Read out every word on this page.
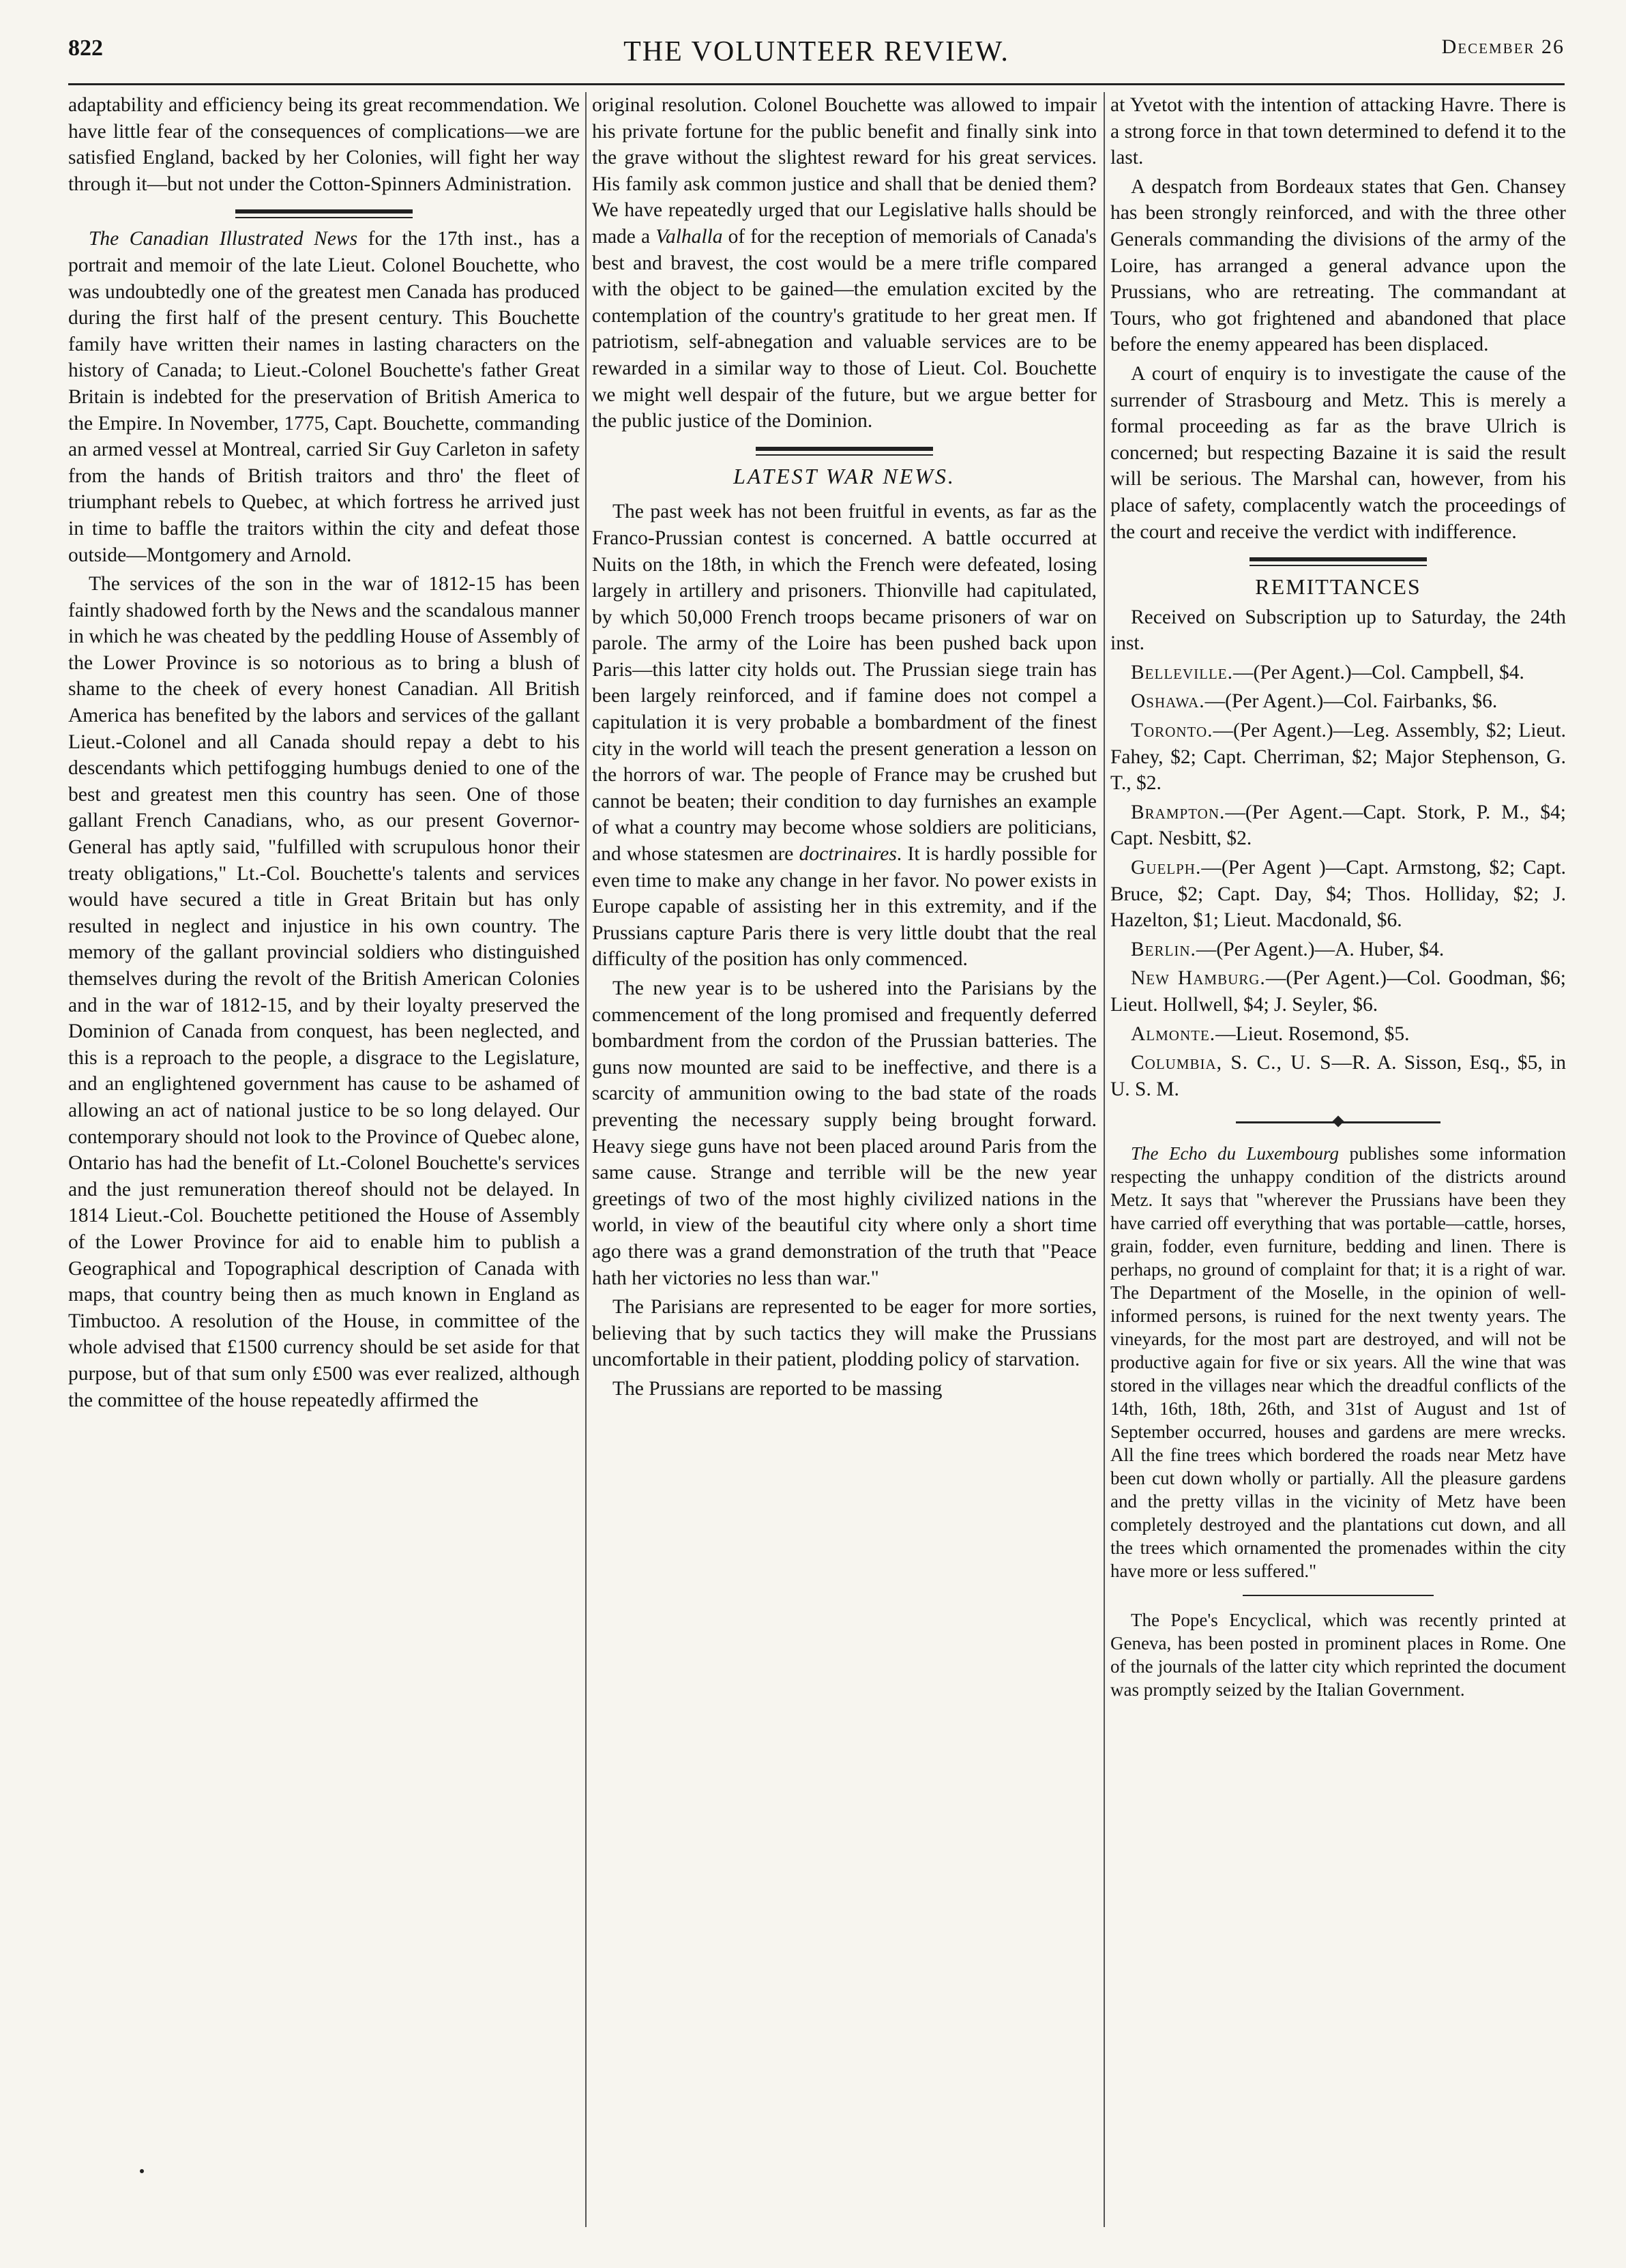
822	THE VOLUNTEER REVIEW.	December 26

adaptability and efficiency being its great recommendation. We have little fear of the consequences of complications—we are satisfied England, backed by her Colonies, will fight her way through it—but not under the Cotton-Spinners Administration.

The Canadian Illustrated News for the 17th inst., has a portrait and memoir of the late Lieut. Colonel Bouchette, who was undoubtedly one of the greatest men Canada has produced during the first half of the present century. This Bouchette family have written their names in lasting characters on the history of Canada; to Lieut.-Colonel Bouchette's father Great Britain is indebted for the preservation of British America to the Empire. In November, 1775, Capt. Bouchette, commanding an armed vessel at Montreal, carried Sir Guy Carleton in safety from the hands of British traitors and thro' the fleet of triumphant rebels to Quebec, at which fortress he arrived just in time to baffle the traitors within the city and defeat those outside—Montgomery and Arnold.

The services of the son in the war of 1812-15 has been faintly shadowed forth by the News and the scandalous manner in which he was cheated by the peddling House of Assembly of the Lower Province is so notorious as to bring a blush of shame to the cheek of every honest Canadian. All British America has benefited by the labors and services of the gallant Lieut.-Colonel and all Canada should repay a debt to his descendants which pettifogging humbugs denied to one of the best and greatest men this country has seen. One of those gallant French Canadians, who, as our present Governor-General has aptly said, "fulfilled with scrupulous honor their treaty obligations," Lt.-Col. Bouchette's talents and services would have secured a title in Great Britain but has only resulted in neglect and injustice in his own country. The memory of the gallant provincial soldiers who distinguished themselves during the revolt of the British American Colonies and in the war of 1812-15, and by their loyalty preserved the Dominion of Canada from conquest, has been neglected, and this is a reproach to the people, a disgrace to the Legislature, and an englightened government has cause to be ashamed of allowing an act of national justice to be so long delayed. Our contemporary should not look to the Province of Quebec alone, Ontario has had the benefit of Lt.-Colonel Bouchette's services and the just remuneration thereof should not be delayed. In 1814 Lieut.-Col. Bouchette petitioned the House of Assembly of the Lower Province for aid to enable him to publish a Geographical and Topographical description of Canada with maps, that country being then as much known in England as Timbuctoo. A resolution of the House, in committee of the whole advised that £1500 currency should be set aside for that purpose, but of that sum only £500 was ever realized, although the committee of the house repeatedly affirmed the

original resolution. Colonel Bouchette was allowed to impair his private fortune for the public benefit and finally sink into the grave without the slightest reward for his great services. His family ask common justice and shall that be denied them? We have repeatedly urged that our Legislative halls should be made a Valhalla of for the reception of memorials of Canada's best and bravest, the cost would be a mere trifle compared with the object to be gained—the emulation excited by the contemplation of the country's gratitude to her great men. If patriotism, self-abnegation and valuable services are to be rewarded in a similar way to those of Lieut. Col. Bouchette we might well despair of the future, but we argue better for the public justice of the Dominion.

LATEST WAR NEWS.

The past week has not been fruitful in events, as far as the Franco-Prussian contest is concerned. A battle occurred at Nuits on the 18th, in which the French were defeated, losing largely in artillery and prisoners. Thionville had capitulated, by which 50,000 French troops became prisoners of war on parole. The army of the Loire has been pushed back upon Paris—this latter city holds out. The Prussian siege train has been largely reinforced, and if famine does not compel a capitulation it is very probable a bombardment of the finest city in the world will teach the present generation a lesson on the horrors of war. The people of France may be crushed but cannot be beaten; their condition to day furnishes an example of what a country may become whose soldiers are politicians, and whose statesmen are doctrinaires. It is hardly possible for even time to make any change in her favor. No power exists in Europe capable of assisting her in this extremity, and if the Prussians capture Paris there is very little doubt that the real difficulty of the position has only commenced.

The new year is to be ushered into the Parisians by the commencement of the long promised and frequently deferred bombardment from the cordon of the Prussian batteries. The guns now mounted are said to be ineffective, and there is a scarcity of ammunition owing to the bad state of the roads preventing the necessary supply being brought forward. Heavy siege guns have not been placed around Paris from the same cause. Strange and terrible will be the new year greetings of two of the most highly civilized nations in the world, in view of the beautiful city where only a short time ago there was a grand demonstration of the truth that "Peace hath her victories no less than war."

The Parisians are represented to be eager for more sorties, believing that by such tactics they will make the Prussians uncomfortable in their patient, plodding policy of starvation.

The Prussians are reported to be massing

at Yvetot with the intention of attacking Havre. There is a strong force in that town determined to defend it to the last.

A despatch from Bordeaux states that Gen. Chansey has been strongly reinforced, and with the three other Generals commanding the divisions of the army of the Loire, has arranged a general advance upon the Prussians, who are retreating. The commandant at Tours, who got frightened and abandoned that place before the enemy appeared has been displaced.

A court of enquiry is to investigate the cause of the surrender of Strasbourg and Metz. This is merely a formal proceeding as far as the brave Ulrich is concerned; but respecting Bazaine it is said the result will be serious. The Marshal can, however, from his place of safety, complacently watch the proceedings of the court and receive the verdict with indifference.

REMITTANCES

Received on Subscription up to Saturday, the 24th inst.

Belleville.—(Per Agent.)—Col. Campbell, $4.

Oshawa.—(Per Agent.)—Col. Fairbanks, $6.

Toronto.—(Per Agent.)—Leg. Assembly, $2; Lieut. Fahey, $2; Capt. Cherriman, $2; Major Stephenson, G. T., $2.

Brampton.—(Per Agent.—Capt. Stork, P. M., $4; Capt. Nesbitt, $2.

Guelph.—(Per Agent )—Capt. Armstong, $2; Capt. Bruce, $2; Capt. Day, $4; Thos. Holliday, $2; J. Hazelton, $1; Lieut. Macdonald, $6.

Berlin.—(Per Agent.)—A. Huber, $4.

New Hamburg.—(Per Agent.)—Col. Goodman, $6; Lieut. Hollwell, $4; J. Seyler, $6.

Almonte.—Lieut. Rosemond, $5.

Columbia, S. C., U. S—R. A. Sisson, Esq., $5, in U. S. M.

The Echo du Luxembourg publishes some information respecting the unhappy condition of the districts around Metz. It says that "wherever the Prussians have been they have carried off everything that was portable—cattle, horses, grain, fodder, even furniture, bedding and linen. There is perhaps, no ground of complaint for that; it is a right of war. The Department of the Moselle, in the opinion of well-informed persons, is ruined for the next twenty years. The vineyards, for the most part are destroyed, and will not be productive again for five or six years. All the wine that was stored in the villages near which the dreadful conflicts of the 14th, 16th, 18th, 26th, and 31st of August and 1st of September occurred, houses and gardens are mere wrecks. All the fine trees which bordered the roads near Metz have been cut down wholly or partially. All the pleasure gardens and the pretty villas in the vicinity of Metz have been completely destroyed and the plantations cut down, and all the trees which ornamented the promenades within the city have more or less suffered."

The Pope's Encyclical, which was recently printed at Geneva, has been posted in prominent places in Rome. One of the journals of the latter city which reprinted the document was promptly seized by the Italian Government.
